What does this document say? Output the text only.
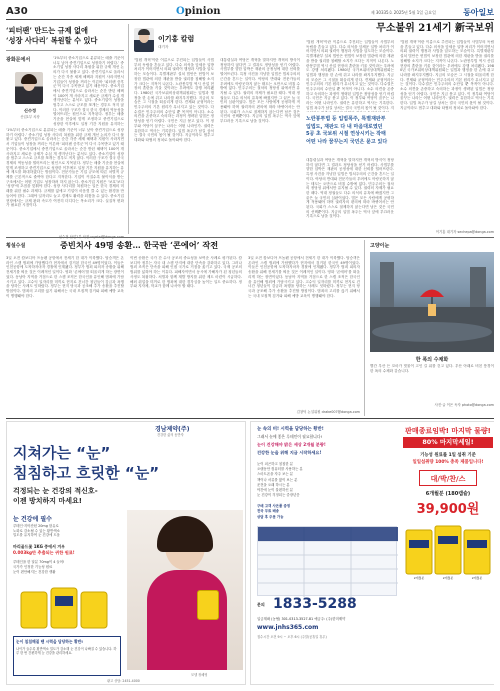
A30	Opinion	제 30335호 2025년 5월 1일 금요일	동아일보
‘피터팬’ 만드는 규제 없애
‘성장 사다리’ 복원할 수 있다
광화문에서
신수정
산업1부 차장
‘1%부터 중소기업으로 분류되는 매출 기준이 너무 낮아 중견기업으로 성장하기 어렵다.’ 중소기업 성장 사다리 복원을 위한 규제 개선 논의가 다시 불붙고 있다. 중견기업으로 올라서는 순간 각종 세제 혜택과 지원이 사라지면서 기업들이 성장을 꺼리는 이른바 ‘피터팬 증후군’이 다시 주목받고 있기 때문이다. 중소기업에서 중견기업으로 올라서는 순간 받던 혜택이 100여 개 사라지고 새로운 규제가 수십 개 생겨난다는 분석도 있다. 중소기업이 성장을 멈추고 스스로 규모를 쪼개는 경우도 적지 않다. 이러한 구조가 결국 한국 경제의 역동성을 떨어뜨리는 원인으로 지목된다. 정부는 매출 기준을 현실에 맞게 조정하고 중견기업으로 성장한 이후에도 일정 기간 지원을 유지하는
‘1%부터 중소기업으로 분류되는 매출 기준이 너무 낮아 중견기업으로 성장하기 어렵다.’ 중소기업 성장 사다리 복원을 위한 규제 개선 논의가 다시 불붙고 있다. 중견기업으로 올라서는 순간 각종 세제 혜택과 지원이 사라지면서 기업들이 성장을 꺼리는 이른바 ‘피터팬 증후군’이 다시 주목받고 있기 때문이다. 중소기업에서 중견기업으로 올라서는 순간 받던 혜택이 100여 개 사라지고 새로운 규제가 수십 개 생겨난다는 분석도 있다. 중소기업이 성장을 멈추고 스스로 규모를 쪼개는 경우도 적지 않다. 이러한 구조가 결국 한국 경제의 역동성을 떨어뜨리는 원인으로 지목된다. 정부는 매출 기준을 현실에 맞게 조정하고 중견기업으로 성장한 이후에도 일정 기간 지원을 유지하는 유예 제도를 확대하겠다는 방침이다. 전문가들은 기업 규모에 따른 차별적 규제를 근본적으로 줄여야 한다고 지적한다. 기업이 커질수록 불이익을 받는 구조에서는 어떤 기업도 성장하려 하지 않는다. 중소기업 지원은 ‘보호’보다 ‘성장’에 초점을 맞춰야 한다. 성장 사다리를 복원하는 일은 한국 경제의 미래를 위한 필수 과제다. 규제를 없애고 기업이 마음껏 클 수 있는 환경을 만들어야 한다. 그래야 일자리도 늘고 경제도 활력을 되찾을 수 있다. 중소기업 현장에서는 규제 완화 속도가 여전히 더디다는 목소리가 크다. 실질적 변화가 필요한 시점이다.
이기홍 칼럼
대기자
무소불위 21세기 新국보위
‘법원 개혁’이란 이름으로 추진되는 입법들이 사법부의 독립을 흔들고 있다. 다수 의석을 앞세운 일방 처리가 이어지면서 의회 권력이 행정과 사법을 압도하는 모습이다. 특별재판부 설치 법안은 헌법이 보장한 법관에 의한 재판을 받을 권리를 침해할 소지가 크다는 지적이 나온다. 노란봉투법 역시 산업 현장의 혼란을 키울 것이라는 우려에도 강행 처리됐다. 1980년 국가보위비상대책위원회는 입법과 행정을 한 손에 쥐고 나라를 좌지우지했다. 지금의 모습은 그 시절을 떠올리게 한다. 견제와 균형이라는 민주주의의 기본 원리가 무너지고 있는 것이다. 다수결은 민주주의의 수단일 뿐 목적이 아니다. 소수 의견을 존중하고 숙의하는 과정이 생략된 입법은 정당성을 얻기 어렵다. 국민은 지금 묻고 있다. 이 정부와 여당이 꿈꾸는 나라는 어떤 나라인가. 권력은 유한하고 역사는 기록한다. 입법 폭주가 남길 상처는 결국 국민의 몫이 될 것이다. 지금이라도 멈추고 대화와 타협의 정치로 돌아와야 한다.
대통령실과 여당은 개혁을 말하지만 개혁의 방식이 정당하지 않다면 그 결과도 정당성을 얻기 어렵다. 사법부를 향한 압박은 재판의 공정성에 대한 신뢰를 떨어뜨린다. 특정 사건을 겨냥한 입법은 법치주의의 근간을 흔드는 일이다. 야당의 반대와 전문가들의 우려에도 아랑곳하지 않는 태도는 오만으로 비칠 수밖에 없다. 민주주의는 절차의 정당성 위에서만 유지될 수 있다. 권력의 자제가 필요한 때다. 역대 정권들도 다수 의석의 유혹에 빠졌지만 그 끝은 늘 국민의 심판이었다. 법은 모든 사람에게 공평하게 적용돼야 하며 권력자의 편의에 따라 바뀌어서는 안 된다. 국회가 스스로 절제하지 않는다면 남은 것은 국민의 선택뿐이다. 지금의 입법 폭주는 역사 앞에 부끄러운 기록으로 남을 것이다.
‘법원 개혁’이란 이름으로 추진되는 입법들이 사법부의 독립을 흔들고 있다. 다수 의석을 앞세운 일방 처리가 이어지면서 의회 권력이 행정과 사법을 압도하는 모습이다. 특별재판부 설치 법안은 헌법이 보장한 법관에 의한 재판을 받을 권리를 침해할 소지가 크다는 지적이 나온다. 노란봉투법 역시 산업 현장의 혼란을 키울 것이라는 우려에도 강행 처리됐다. 1980년 국가보위비상대책위원회는 입법과 행정을 한 손에 쥐고 나라를 좌지우지했다. 지금의 모습은 그 시절을 떠올리게 한다. 견제와 균형이라는 민주주의의 기본 원리가 무너지고 있는 것이다. 다수결은 민주주의의 수단일 뿐 목적이 아니다. 소수 의견을 존중하고 숙의하는 과정이 생략된 입법은 정당성을 얻기 어렵다. 국민은 지금 묻고 있다. 이 정부와 여당이 꿈꾸는 나라는 어떤 나라인가. 권력은 유한하고 역사는 기록한다. 입법 폭주가 남길 상처는 결국 국민의 몫이 될 것이다. 지
노란봉투법 등 입법폭주, 특별재판부
입법도, 재판도 다 내 마음대로였던
5공 초 국보위 시절 연상시키는 작태
어떤 나라 꿈꾸는지 국민은 묻고 있다
대통령실과 여당은 개혁을 말하지만 개혁의 방식이 정당하지 않다면 그 결과도 정당성을 얻기 어렵다. 사법부를 향한 압박은 재판의 공정성에 대한 신뢰를 떨어뜨린다. 특정 사건을 겨냥한 입법은 법치주의의 근간을 흔드는 일이다. 야당의 반대와 전문가들의 우려에도 아랑곳하지 않는 태도는 오만으로 비칠 수밖에 없다. 민주주의는 절차의 정당성 위에서만 유지될 수 있다. 권력의 자제가 필요한 때다. 역대 정권들도 다수 의석의 유혹에 빠졌지만 그 끝은 늘 국민의 심판이었다. 법은 모든 사람에게 공평하게 적용돼야 하며 권력자의 편의에 따라 바뀌어서는 안 된다. 국회가 스스로 절제하지 않는다면 남은 것은 국민의 선택뿐이다. 지금의 입법 폭주는 역사 앞에 부끄러운 기록으로 남을 것이다.
‘법원 개혁’이란 이름으로 추진되는 입법들이 사법부의 독립을 흔들고 있다. 다수 의석을 앞세운 일방 처리가 이어지면서 의회 권력이 행정과 사법을 압도하는 모습이다. 특별재판부 설치 법안은 헌법이 보장한 법관에 의한 재판을 받을 권리를 침해할 소지가 크다는 지적이 나온다. 노란봉투법 역시 산업 현장의 혼란을 키울 것이라는 우려에도 강행 처리됐다. 1980년 국가보위비상대책위원회는 입법과 행정을 한 손에 쥐고 나라를 좌지우지했다. 지금의 모습은 그 시절을 떠올리게 한다. 견제와 균형이라는 민주주의의 기본 원리가 무너지고 있는 것이다. 다수결은 민주주의의 수단일 뿐 목적이 아니다. 소수 의견을 존중하고 숙의하는 과정이 생략된 입법은 정당성을 얻기 어렵다. 국민은 지금 묻고 있다. 이 정부와 여당이 꿈꾸는 나라는 어떤 나라인가. 권력은 유한하고 역사는 기록한다. 입법 폭주가 남길 상처는 결국 국민의 몫이 될 것이다. 지금이라도 멈추고 대화와 타협의 정치로 돌아와야 한다.
이기홍 대기자 sechepa@donga.com
횡설수설	중빈치사 49명 송환… 한국판 ‘콘에어’ 작전
3일 오전 캄보디아 프놈펜 공항에서 전세기 한 대가 이륙했다. 탑승객은 온라인 스캠 범죄에 가담했다가 현지에서 검거된 한국인 49명이었다. 이들은 인천공항에 도착하자마자 경찰에 인계됐다. 정부가 범죄 피의자 송환을 위해 전세기를 띄운 것은 이례적인 일이다. 영화 ‘콘에어’를 떠올리게 하는 장면이었다. 동남아 지역을 거점으로 한 스캠 조직은 한국인을 유인해 범죄에 가담시키고 있다. 고수익 일자리를 미끼로 현지로 건너간 청년들이 감금과 폭행을 당하는 사례도 잇따랐다. 정부는 현지 당국과 공조해 추가 송환을 추진할 방침이다. 범죄의 고리를 끊기 위해서는 국내 모집책 검거와 피해 예방 교육이 병행돼야 한다.
이번 송환은 국가 간 수사 공조의 중요성을 보여준 사례로 평가된다. 캄보디아 정부는 자국 내 스캠 단지에 대한 단속을 강화하고 있다. 그러나 범죄 조직은 단속을 피해 인접 국가로 거점을 옮기고 있다. 국제 공조의 범위를 넓혀야 하는 이유다. 피해자이면서 동시에 가해자가 된 청년들의 사정도 복잡하다. 처벌과 함께 재발 방지를 위한 제도 마련이 시급하다. 해외 취업을 미끼로 한 범죄에 대한 경각심을 높이는 일도 중요하다. 정부와 지자체, 학교가 함께 나서야 할 때다.
3일 오전 캄보디아 프놈펜 공항에서 전세기 한 대가 이륙했다. 탑승객은 온라인 스캠 범죄에 가담했다가 현지에서 검거된 한국인 49명이었다. 이들은 인천공항에 도착하자마자 경찰에 인계됐다. 정부가 범죄 피의자 송환을 위해 전세기를 띄운 것은 이례적인 일이다. 영화 ‘콘에어’를 떠올리게 하는 장면이었다. 동남아 지역을 거점으로 한 스캠 조직은 한국인을 유인해 범죄에 가담시키고 있다. 고수익 일자리를 미끼로 현지로 건너간 청년들이 감금과 폭행을 당하는 사례도 잇따랐다. 정부는 현지 당국과 공조해 추가 송환을 추진할 방침이다. 범죄의 고리를 끊기 위해서는 국내 모집책 검거와 피해 예방 교육이 병행돼야 한다.
김창덕 논설위원 drake007@donga.com
고양이눈
한 폭의 수채화
빨간 우산 든 꼬마가 빗물이 고인 길 위를 걷고 있다. 우산 아래로 비친 풍경이 한 폭의 수채화 같습니다.
사진·글 이은 독자 photo@donga.com
경남제약(주)
건강한 삶의 동반자
지쳐가는 “눈”
침침하고 흐릿한 “눈”
걱정되는 눈 건강의 적신호-
이젠 방치하지 마세요!
눈 건강에 필수
루테인·지아잔틴 20mg 함유로
노화로 감소될 수 있는 황반색소
밀도를 유지하여 눈 건강에 도움
마리골드꽃 1KG 중에서 겨우
0.003kg만 추출되는 귀한 원료!
루테인을 한 달분 70mg이 4 들어!
국가가 인정한 기능성 원료
눈이 편안해지는 건강한 생활
눈이 침침해질 땐 시력을 담당하는 황반!
나이가 들수록 황반색소 밀도가 감소해 눈 건강이 나빠질 수 있습니다. 하루 한 번 간편하게 눈 건강을 관리하세요.
모델 정혜영
광고 상담: 2451-4000
눈 속의 비! 시력을 담당하는 황반!
그래서 눈에 좋은 루테인이 필요합니다!
눈이 건강해야 밝은 세상 2개월 분량!
건강한 눈을 위해 지금 시작하세요!
눈이 피곤하고 침침한 분
오랫동안 컴퓨터를 사용하는 분
스마트폰을 자주 보는 분
책이나 서류를 많이 보는 분
운전을 오래 하시는 분
야간에 눈이 불편하신 분
눈 건강이 걱정되는 중장년층
구매 고객 사은품 증정
전국 무료 배송
상담 후 주문 가능
문의 1833-5288
입금계좌 (농협) 301-0313-3527-81 예금주: (주)한미제약
www.jnhs365.com
접수시간 오전 9시 ~ 오후 6시 (주말/공휴일 휴무)
판매종료임박! 마지막 물량!
80% 마지막세일!
기능성 원료를 1일 섭취 기준
일일섭취량 100% 충족 제품입니다!
대/박/찬/스
6개월분 (180캡슐)
39,900원
2개월분	2개월분	2개월분
